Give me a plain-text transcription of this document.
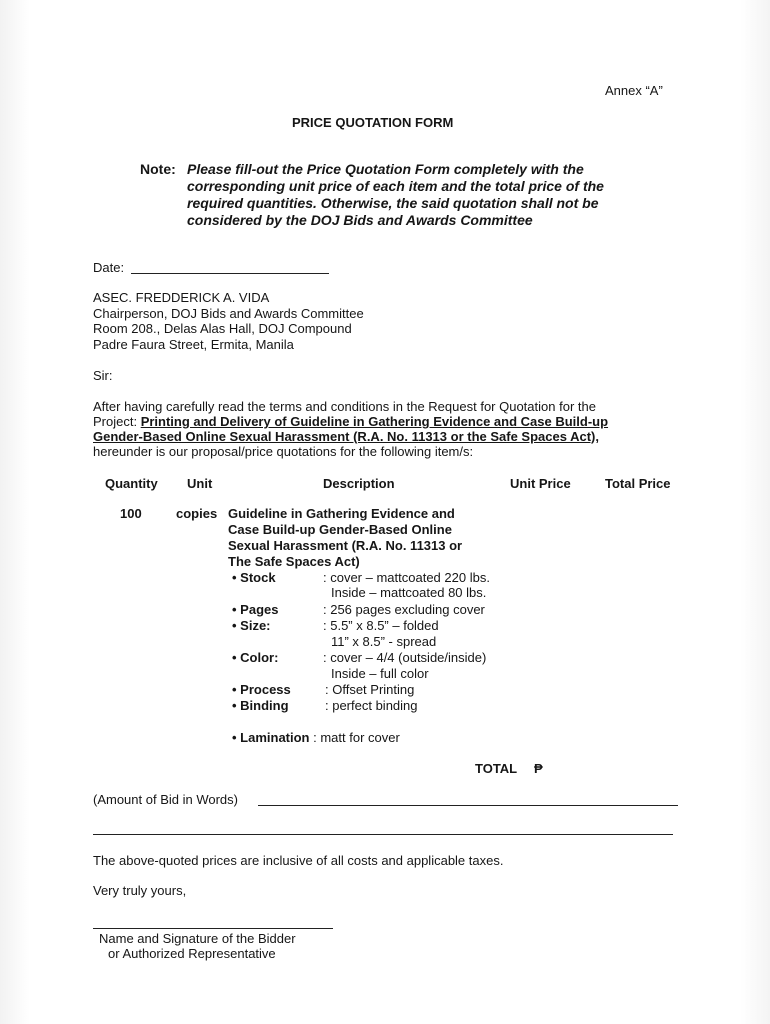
Annex “A”
PRICE QUOTATION FORM
Note: Please fill-out the Price Quotation Form completely with the
corresponding unit price of each item and the total price of the
required quantities. Otherwise, the said quotation shall not be
considered by the DOJ Bids and Awards Committee
Date:
ASEC. FREDDERICK A. VIDA
Chairperson, DOJ Bids and Awards Committee
Room 208., Delas Alas Hall, DOJ Compound
Padre Faura Street, Ermita, Manila
Sir:
After having carefully read the terms and conditions in the Request for Quotation for the
Project: Printing and Delivery of Guideline in Gathering Evidence and Case Build-up
Gender-Based Online Sexual Harassment (R.A. No. 11313 or the Safe Spaces Act),
hereunder is our proposal/price quotations for the following item/s:
Quantity Unit	Description	Unit Price	Total Price
100	copies Guideline in Gathering Evidence and
Case Build-up Gender-Based Online
Sexual Harassment (R.A. No. 11313 or
The Safe Spaces Act)
• Stock	: cover – mattcoated 220 lbs.
Inside – mattcoated 80 lbs.
• Pages	: 256 pages excluding cover
• Size:	: 5.5” x 8.5” – folded
11” x 8.5” - spread
• Color:	: cover – 4/4 (outside/inside)
Inside – full color
• Process	: Offset Printing
• Binding	: perfect binding
• Lamination : matt for cover
TOTAL ₱
(Amount of Bid in Words)
The above-quoted prices are inclusive of all costs and applicable taxes.
Very truly yours,
Name and Signature of the Bidder
or Authorized Representative
